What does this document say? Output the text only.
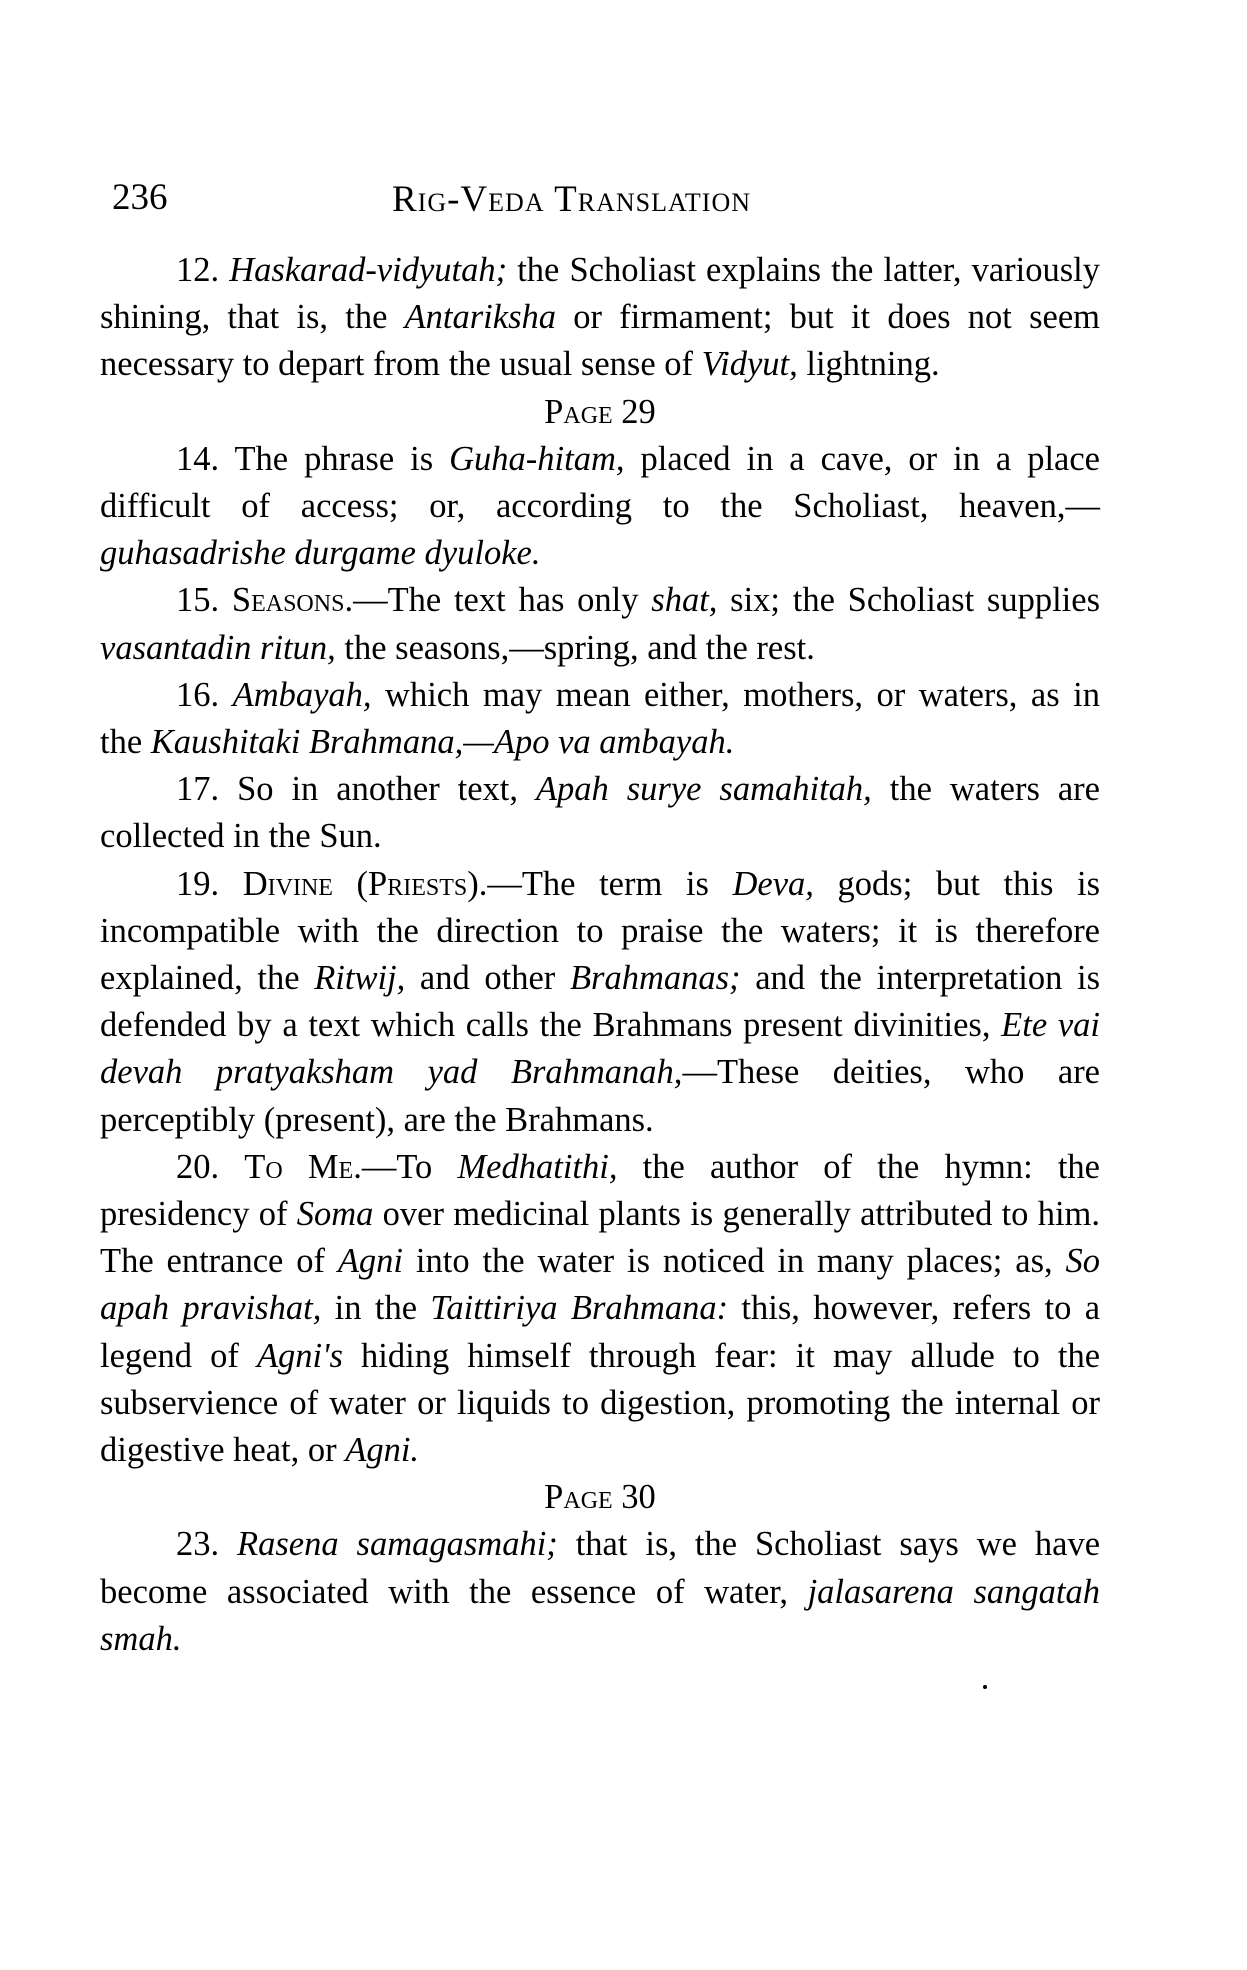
236	Rig-Veda Translation

12. Haskarad-vidyutah; the Scholiast explains the latter, variously shining, that is, the Antariksha or firmament; but it does not seem necessary to depart from the usual sense of Vidyut, lightning.

Page 29

14. The phrase is Guha-hitam, placed in a cave, or in a place difficult of access; or, according to the Scholiast, heaven,—guhasadrishe durgame dyuloke.

15. Seasons.—The text has only shat, six; the Scholiast supplies vasantadin ritun, the seasons,—spring, and the rest.

16. Ambayah, which may mean either, mothers, or waters, as in the Kaushitaki Brahmana,—Apo va ambayah.

17. So in another text, Apah surye samahitah, the waters are collected in the Sun.

19. Divine (Priests).—The term is Deva, gods; but this is incompatible with the direction to praise the waters; it is therefore explained, the Ritwij, and other Brahmanas; and the interpretation is defended by a text which calls the Brahmans present divinities, Ete vai devah pratyaksham yad Brahmanah,—These deities, who are perceptibly (present), are the Brahmans.

20. To Me.—To Medhatithi, the author of the hymn: the presidency of Soma over medicinal plants is generally attributed to him. The entrance of Agni into the water is noticed in many places; as, So apah pravishat, in the Taittiriya Brahmana: this, however, refers to a legend of Agni's hiding himself through fear: it may allude to the subservience of water or liquids to digestion, promoting the internal or digestive heat, or Agni.

Page 30

23. Rasena samagasmahi; that is, the Scholiast says we have become associated with the essence of water, jalasarena sangatah smah.
